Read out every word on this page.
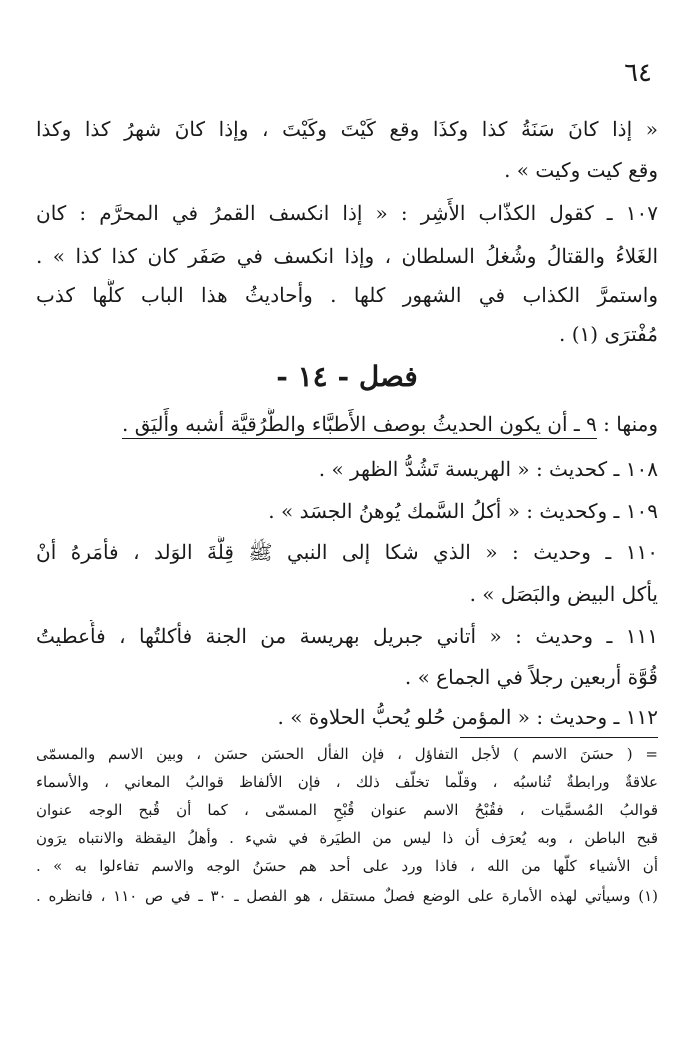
٦٤
« إذا كانَ سَنَةُ كذا وكذَا وقع كَيْتَ وكَيْتَ ، وإذا كانَ شهرُ كذا وكذا
وقع كيت وكيت » .
١٠٧ ـ كقول الكذّاب الأَشِر : « إذا انكسف القمرُ في المحرَّم : كان
الغَلاءُ والقتالُ وشُغلُ السلطان ، وإذا انكسف في صَفَر كان كذا كذا » .
واستمرَّ الكذاب في الشهور كلها . وأحاديثُ هذا الباب كلُّها كذب
مُفْترَى (١) .
فصل - ١٤ -
ومنها : ٩ ـ أن يكون الحديثُ بوصف الأَطبَّاء والطُّرُقيَّة أشبه وأَليَق .
١٠٨ ـ كحديث : « الهريسة تَشُدُّ الظهر » .
١٠٩ ـ وكحديث : « أكلُ السَّمك يُوهنُ الجسَد » .
١١٠ ـ وحديث : « الذي شكا إلى النبي ﷺ قِلَّةَ الوَلد ، فأمَرهُ أنْ
يأكل البيض والبَصَل » .
١١١ ـ وحديث : « أتاني جبريل بهريسة من الجنة فأكلتُها ، فأُعطيتُ
قُوَّة أربعين رجلاً في الجماع » .
١١٢ ـ وحديث : « المؤمن حُلو يُحبُّ الحلاوة » .
= ( حسَنَ الاسم ) لأجل التفاؤل ، فإن الفأل الحسَن حسَن ، وبين الاسم والمسمّى
علاقةٌ ورابطةٌ تُناسبُه ، وقلّما تخلّف ذلك ، فإن الألفاظ قوالبُ المعاني ، والأسماء
قوالبُ المُسمَّيات ، فقُبْحُ الاسم عنوان قُبْحِ المسمّى ، كما أن قُبح الوجه عنوان
قبح الباطن ، وبه يُعرَف أن ذا ليس من الطيَرة في شيء . وأهلُ اليقظة والانتباه يرَون
أن الأشياء كلّها من الله ، فاذا ورد على أحد هم حسَنُ الوجه والاسم تفاءلوا به » .
(١) وسيأتي لهذه الأمارة على الوضع فصلٌ مستقل ، هو الفصل ـ ٣٠ ـ في ص ١١٠ ، فانظره .
